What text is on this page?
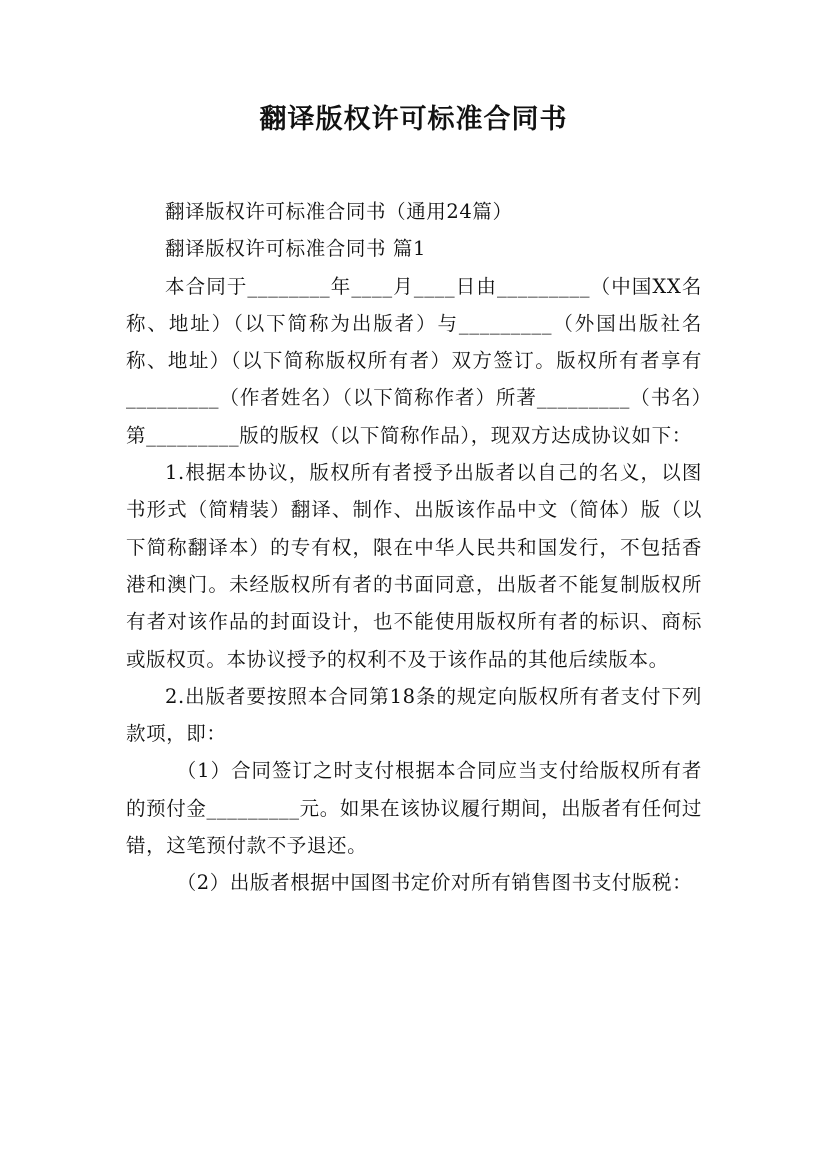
翻译版权许可标准合同书

翻译版权许可标准合同书（通用24篇）

翻译版权许可标准合同书 篇1

本合同于________年____月____日由_________（中国XX名称、地址）（以下简称为出版者）与_________（外国出版社名称、地址）（以下简称版权所有者）双方签订。版权所有者享有_________（作者姓名）（以下简称作者）所著_________（书名）第_________版的版权（以下简称作品），现双方达成协议如下：

1.根据本协议，版权所有者授予出版者以自己的名义，以图书形式（简精装）翻译、制作、出版该作品中文（简体）版（以下简称翻译本）的专有权，限在中华人民共和国发行，不包括香港和澳门。未经版权所有者的书面同意，出版者不能复制版权所有者对该作品的封面设计，也不能使用版权所有者的标识、商标或版权页。本协议授予的权利不及于该作品的其他后续版本。

2.出版者要按照本合同第18条的规定向版权所有者支付下列款项，即：

（1）合同签订之时支付根据本合同应当支付给版权所有者的预付金_________元。如果在该协议履行期间，出版者有任何过错，这笔预付款不予退还。

（2）出版者根据中国图书定价对所有销售图书支付版税：
